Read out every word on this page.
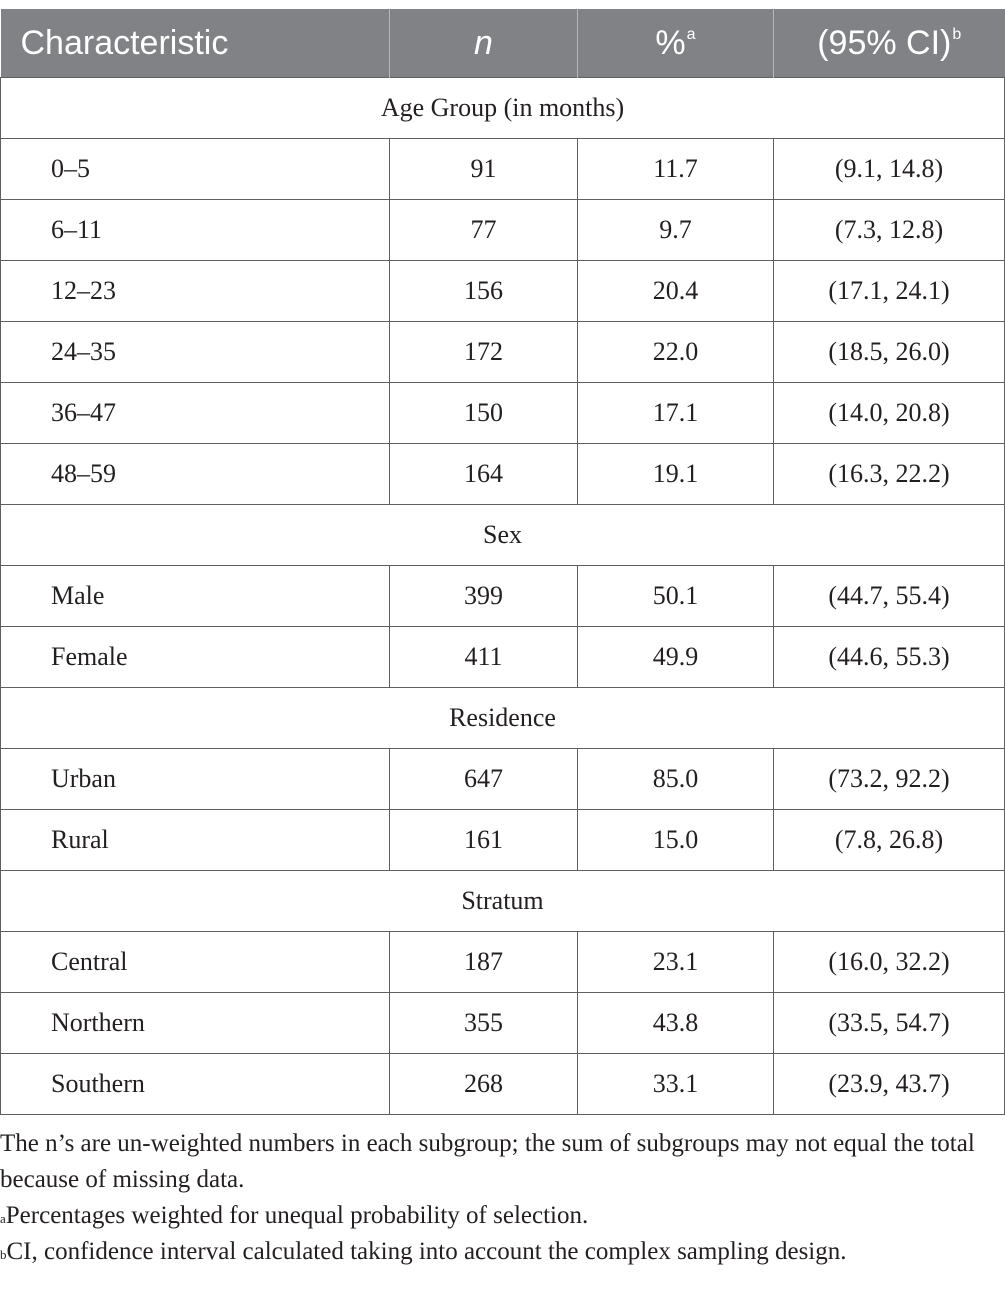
Characteristic	n	%$^a$	(95% CI)$^b$
Age Group (in months)			
0–5	91	11.7	(9.1, 14.8)
6–11	77	9.7	(7.3, 12.8)
12–23	156	20.4	(17.1, 24.1)
24–35	172	22.0	(18.5, 26.0)
36–47	150	17.1	(14.0, 20.8)
48–59	164	19.1	(16.3, 22.2)
Sex			
Male	399	50.1	(44.7, 55.4)
Female	411	49.9	(44.6, 55.3)
Residence			
Urban	647	85.0	(73.2, 92.2)
Rural	161	15.0	(7.8, 26.8)
Stratum			
Central	187	23.1	(16.0, 32.2)
Northern	355	43.8	(33.5, 54.7)
Southern	268	33.1	(23.9, 43.7)

The n’s are un-weighted numbers in each subgroup; the sum of subgroups may not equal the total because of missing data.

$^a$Percentages weighted for unequal probability of selection.

$^b$CI, confidence interval calculated taking into account the complex sampling design.
